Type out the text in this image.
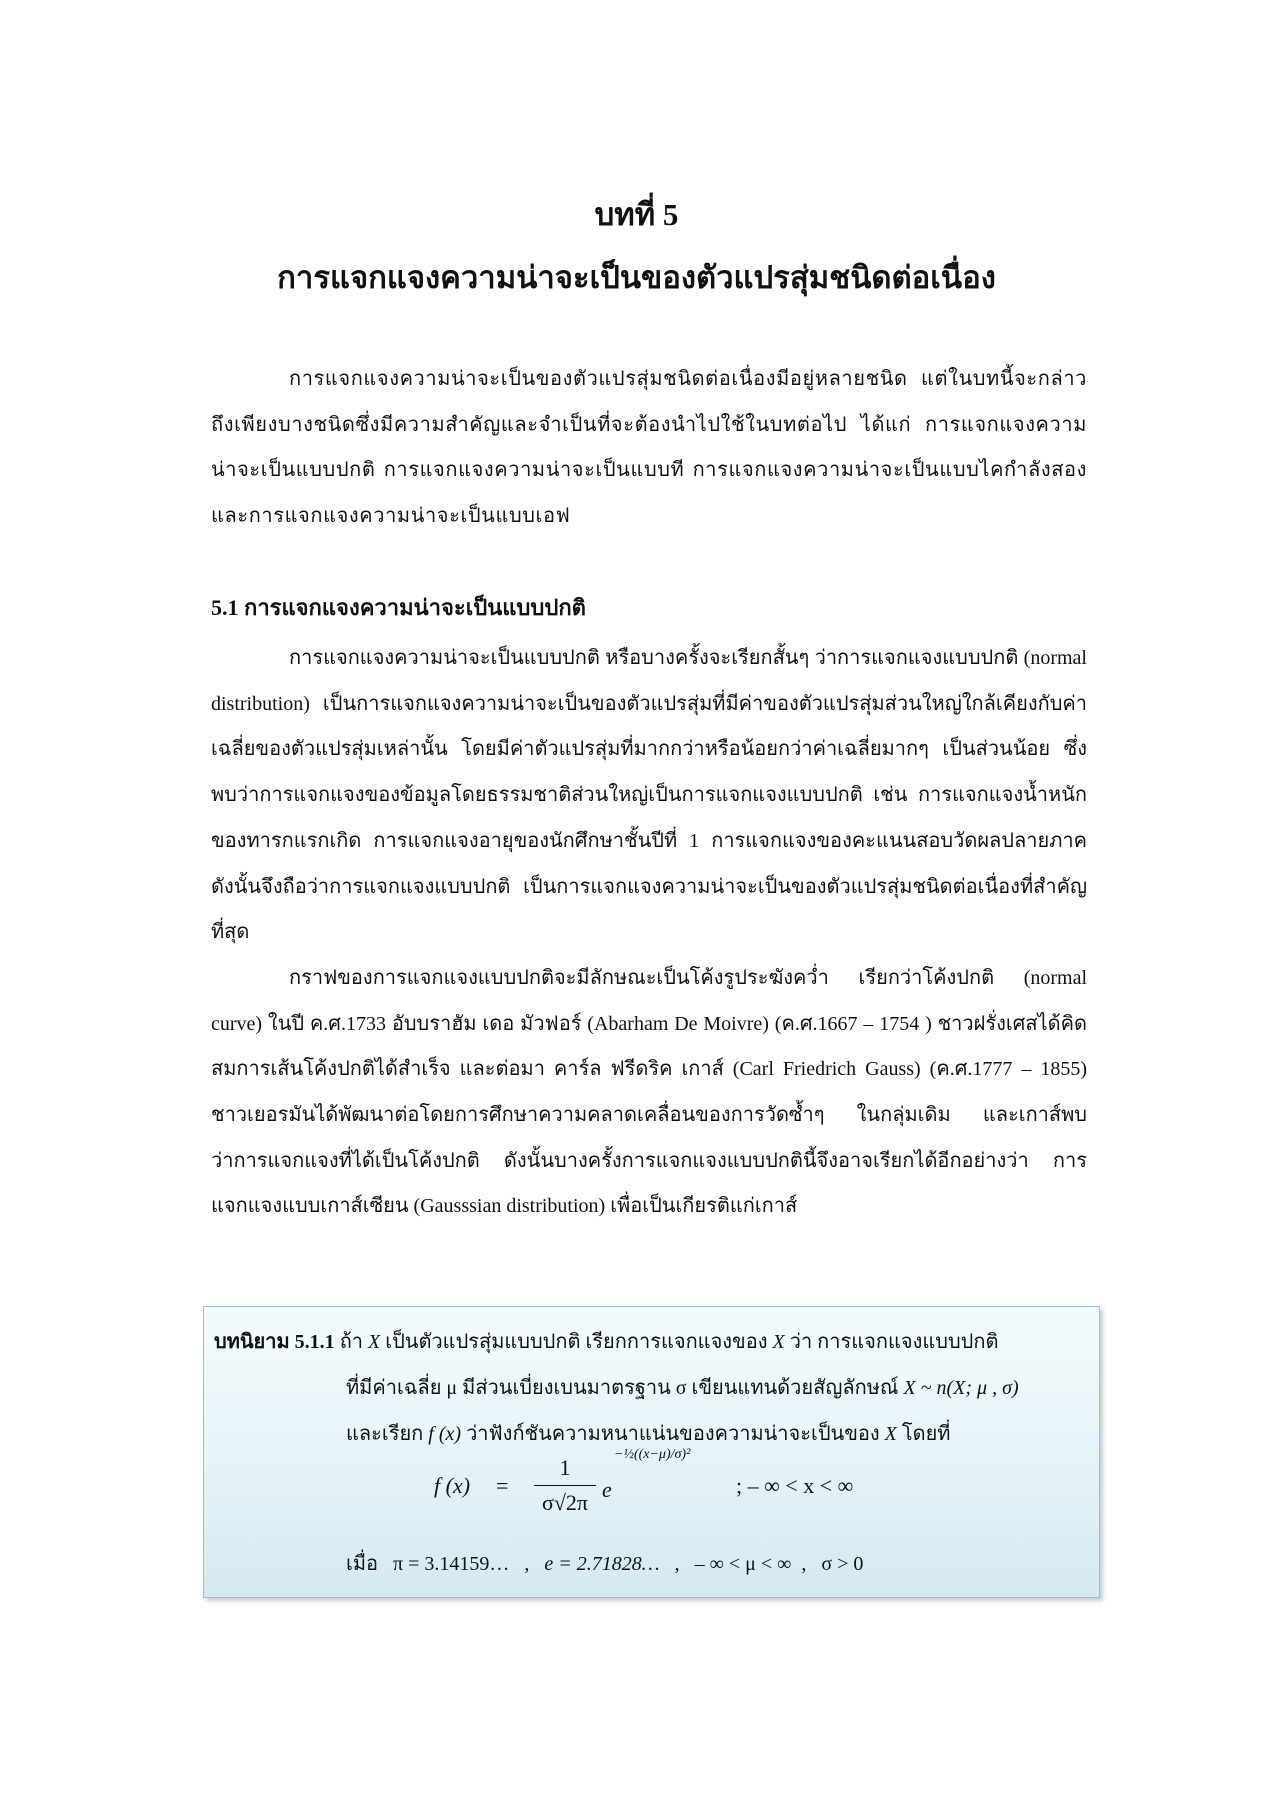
บทที่ 5
การแจกแจงความน่าจะเป็นของตัวแปรสุ่มชนิดต่อเนื่อง

การแจกแจงความน่าจะเป็นของตัวแปรสุ่มชนิดต่อเนื่องมีอยู่หลายชนิด แต่ในบทนี้จะกล่าวถึงเพียงบางชนิดซึ่งมีความสำคัญและจำเป็นที่จะต้องนำไปใช้ในบทต่อไป ได้แก่ การแจกแจงความน่าจะเป็นแบบปกติ การแจกแจงความน่าจะเป็นแบบที การแจกแจงความน่าจะเป็นแบบไคกำลังสอง และการแจกแจงความน่าจะเป็นแบบเอฟ

5.1 การแจกแจงความน่าจะเป็นแบบปกติ

การแจกแจงความน่าจะเป็นแบบปกติ หรือบางครั้งจะเรียกสั้นๆ ว่าการแจกแจงแบบปกติ (normal distribution) เป็นการแจกแจงความน่าจะเป็นของตัวแปรสุ่มที่มีค่าของตัวแปรสุ่มส่วนใหญ่ใกล้เคียงกับค่าเฉลี่ยของตัวแปรสุ่มเหล่านั้น โดยมีค่าตัวแปรสุ่มที่มากกว่าหรือน้อยกว่าค่าเฉลี่ยมากๆ เป็นส่วนน้อย ซึ่งพบว่าการแจกแจงของข้อมูลโดยธรรมชาติส่วนใหญ่เป็นการแจกแจงแบบปกติ เช่น การแจกแจงน้ำหนักของทารกแรกเกิด การแจกแจงอายุของนักศึกษาชั้นปีที่ 1 การแจกแจงของคะแนนสอบวัดผลปลายภาค ดังนั้นจึงถือว่าการแจกแจงแบบปกติ เป็นการแจกแจงความน่าจะเป็นของตัวแปรสุ่มชนิดต่อเนื่องที่สำคัญที่สุด

กราฟของการแจกแจงแบบปกติจะมีลักษณะเป็นโค้งรูประฆังคว่ำ เรียกว่าโค้งปกติ (normal curve) ในปี ค.ศ.1733 อับบราฮัม เดอ มัวฟอร์ (Abarham De Moivre) (ค.ศ.1667 – 1754 ) ชาวฝรั่งเศสได้คิดสมการเส้นโค้งปกติได้สำเร็จ และต่อมา คาร์ล ฟรีดริค เกาส์ (Carl Friedrich Gauss) (ค.ศ.1777 – 1855) ชาวเยอรมันได้พัฒนาต่อโดยการศึกษาความคลาดเคลื่อนของการวัดซ้ำๆ ในกลุ่มเดิม และเกาส์พบว่าการแจกแจงที่ได้เป็นโค้งปกติ ดังนั้นบางครั้งการแจกแจงแบบปกตินี้จึงอาจเรียกได้อีกอย่างว่า การแจกแจงแบบเกาส์เซียน (Gausssian distribution) เพื่อเป็นเกียรติแก่เกาส์

บทนิยาม 5.1.1 ถ้า X เป็นตัวแปรสุ่มแบบปกติ เรียกการแจกแจงของ X ว่า การแจกแจงแบบปกติ
ที่มีค่าเฉลี่ย μ มีส่วนเบี่ยงเบนมาตรฐาน σ เขียนแทนด้วยสัญลักษณ์ X ~ n(X; μ , σ)
และเรียก f (x) ว่าฟังก์ชันความหนาแน่นของความน่าจะเป็นของ X โดยที่
f (x) =
1
σ√2π
e
−½((x−μ)/σ)²
; – ∞ < x < ∞
เมื่อ π = 3.14159… , e = 2.71828… , – ∞ < μ < ∞ , σ > 0
